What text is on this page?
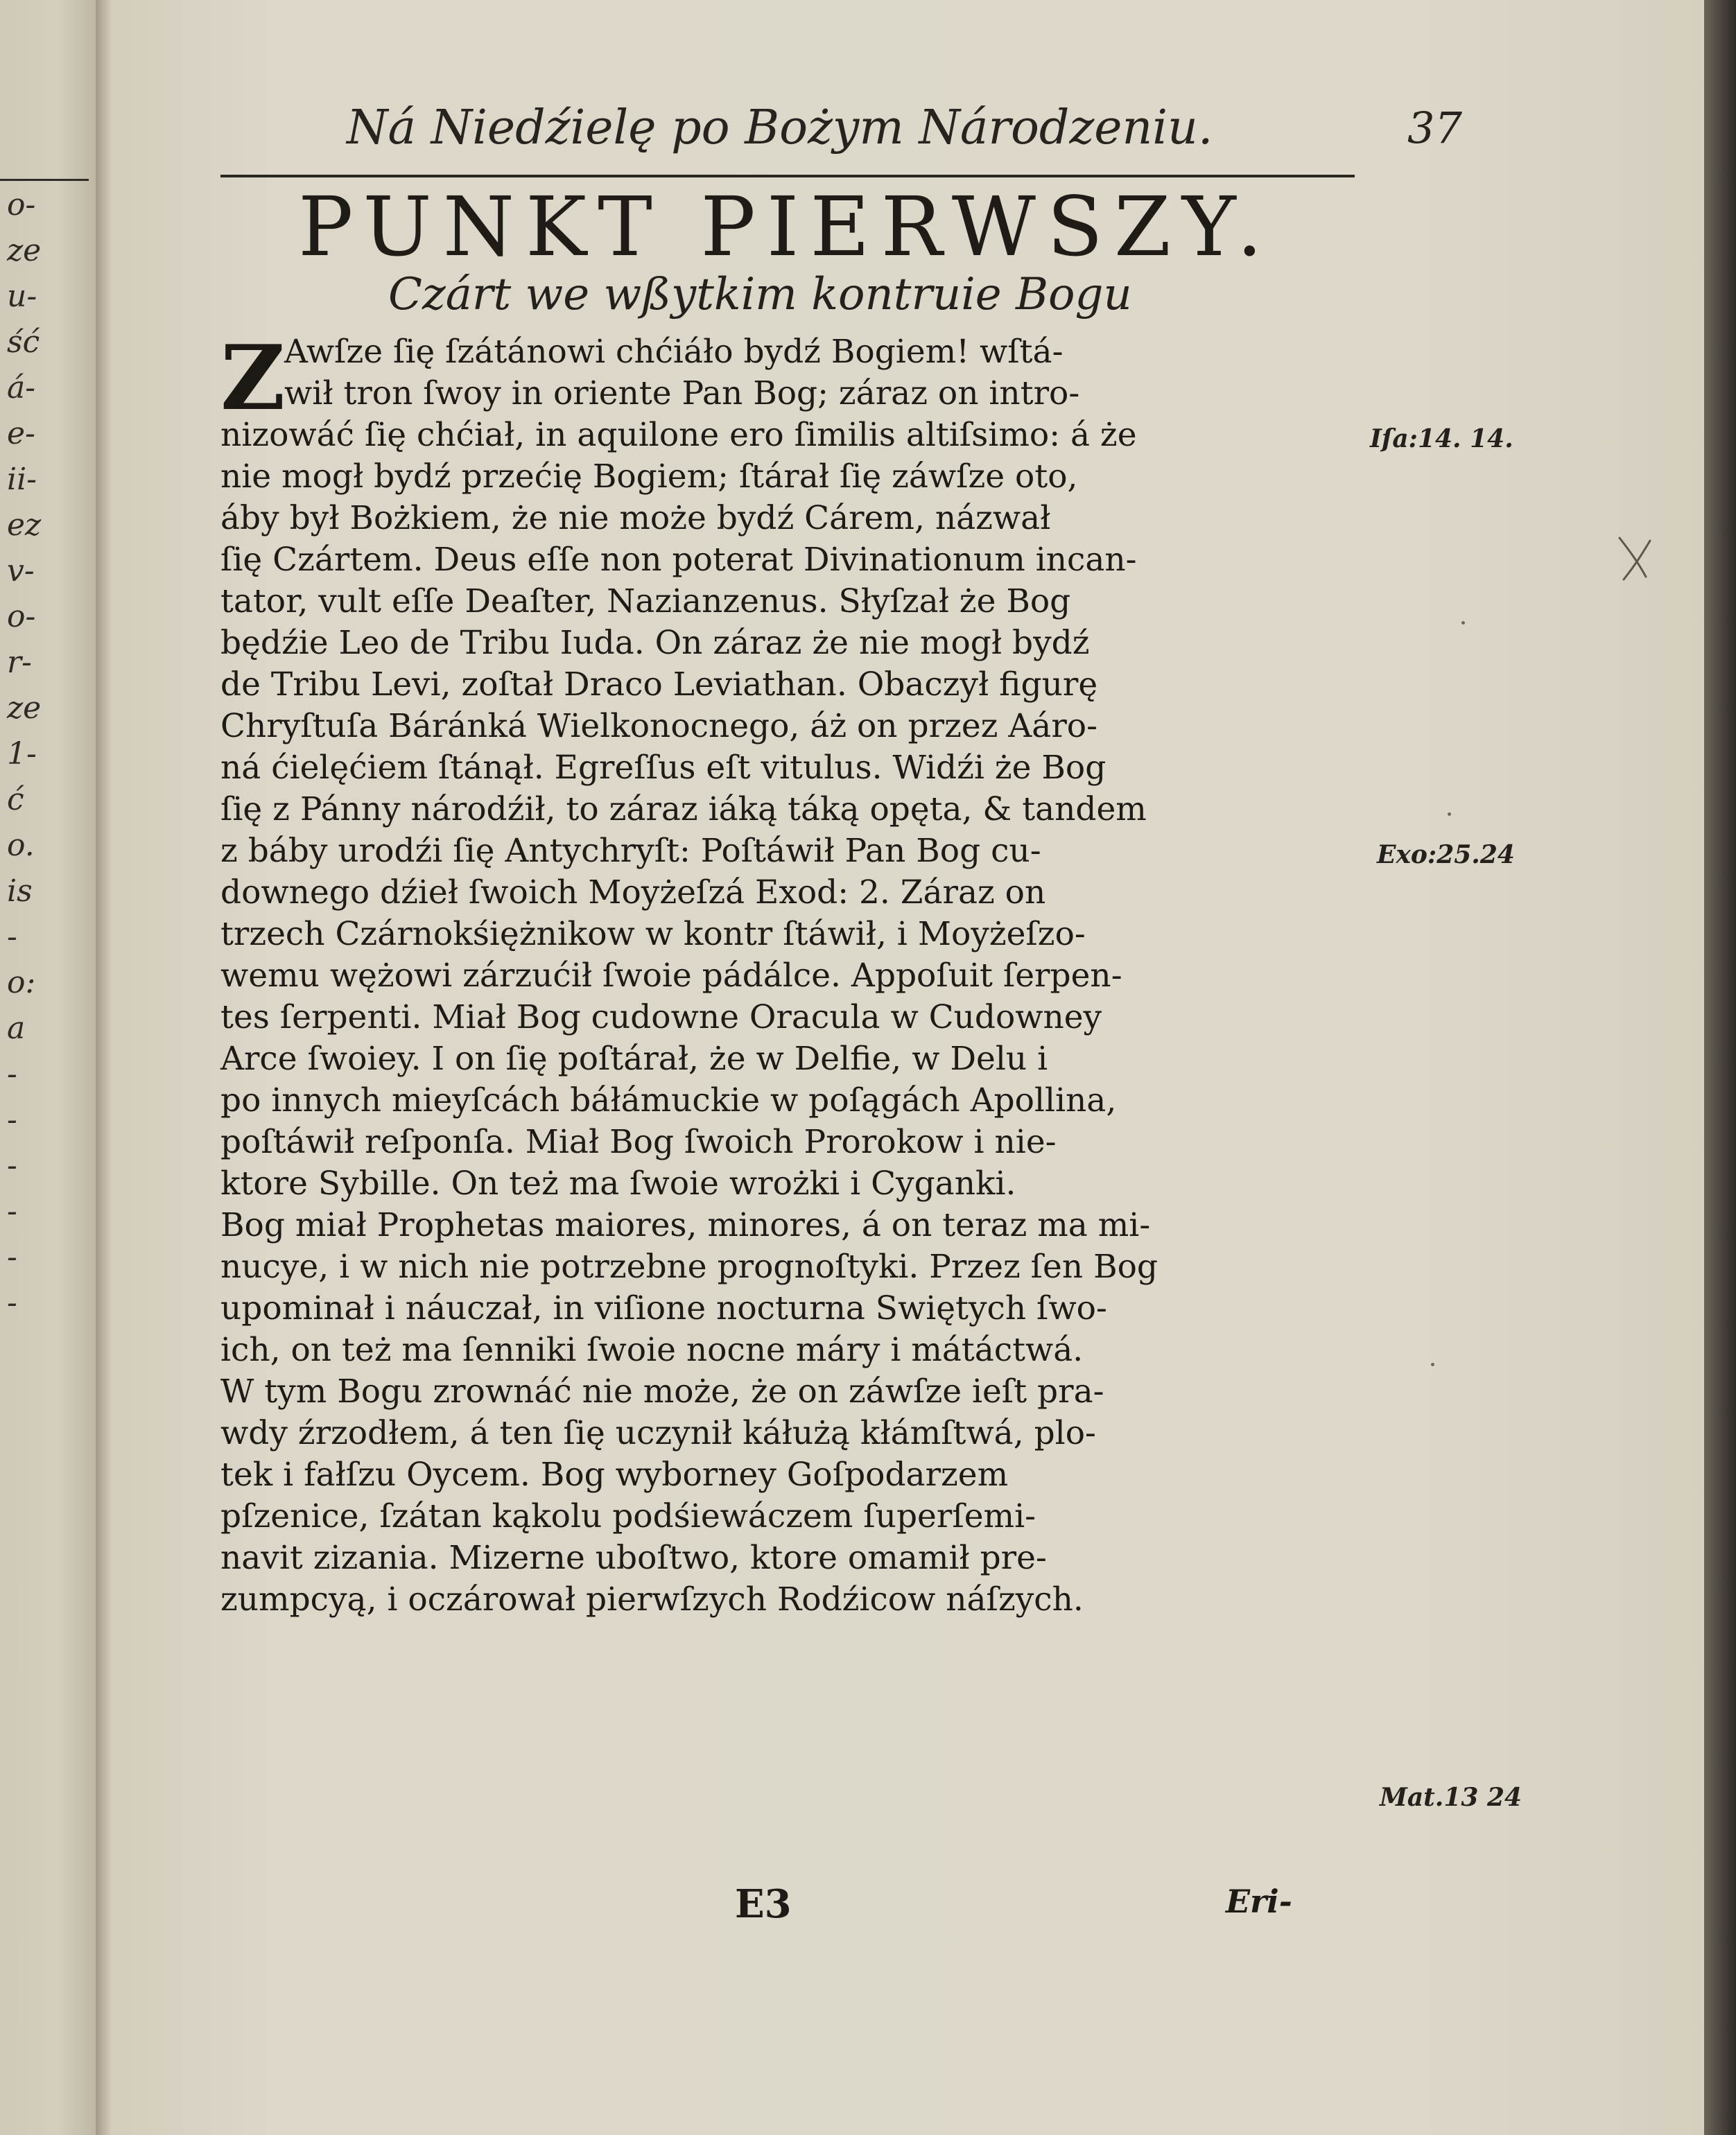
o-
ze
u-
ść
á-
e-
ii-
ez
v-
o-
r-
ze
1-
ć
o.
is
-
o:
a
-
-
-
-
-
-
Ná Niedźielę po Bożym Národzeniu.	37
PUNKT PIERWSZY.
Czárt we wßytkim kontruie Bogu
Z
Awſze ſię ſzátánowi chćiáło bydź Bogiem! wſtá-
wił tron ſwoy in oriente Pan Bog; záraz on intro-
nizowáć ſię chćiał, in aquilone ero ſimilis altiſsimo: á że
nie mogł bydź przećię Bogiem; ſtárał ſię záwſze oto,
áby był Bożkiem, że nie może bydź Cárem, názwał
ſię Czártem. Deus eſſe non poterat Divinationum incan-
tator, vult eſſe Deaſter, Nazianzenus. Słyſzał że Bog
będźie Leo de Tribu Iuda. On záraz że nie mogł bydź
de Tribu Levi, zoſtał Draco Leviathan. Obaczył figurę
Chryſtuſa Báránká Wielkonocnego, áż on przez Aáro-
ná ćielęćiem ſtánął. Egreſſus eſt vitulus. Widźi że Bog
ſię z Pánny národźił, to záraz iáką táką opęta, & tandem
z báby urodźi ſię Antychryſt: Poſtáwił Pan Bog cu-
downego dźieł ſwoich Moyżeſzá Exod: 2. Záraz on
trzech Czárnokśiężnikow w kontr ſtáwił, i Moyżeſzo-
wemu wężowi zárzućił ſwoie pádálce. Appoſuit ſerpen-
tes ſerpenti. Miał Bog cudowne Oracula w Cudowney
Arce ſwoiey. I on ſię poſtárał, że w Delfie, w Delu i
po innych mieyſcách báłámuckie w poſągách Apollina,
poſtáwił reſponſa. Miał Bog ſwoich Prorokow i nie-
ktore Sybille. On też ma ſwoie wrożki i Cyganki.
Bog miał Prophetas maiores, minores, á on teraz ma mi-
nucye, i w nich nie potrzebne prognoſtyki. Przez ſen Bog
upominał i náuczał, in viſione nocturna Swiętych ſwo-
ich, on też ma ſenniki ſwoie nocne máry i mátáctwá.
W tym Bogu zrownáć nie może, że on záwſze ieſt pra-
wdy źrzodłem, á ten ſię uczynił káłużą kłámſtwá, plo-
tek i fałſzu Oycem. Bog wyborney Goſpodarzem
pſzenice, ſzátan kąkolu podśiewáczem ſuperſemi-
navit zizania. Mizerne uboſtwo, ktore omamił pre-
zumpcyą, i oczárował pierwſzych Rodźicow náſzych.
Iſa:14. 14.
Exo:25.24
Mat.13 24
E3	Eri-
